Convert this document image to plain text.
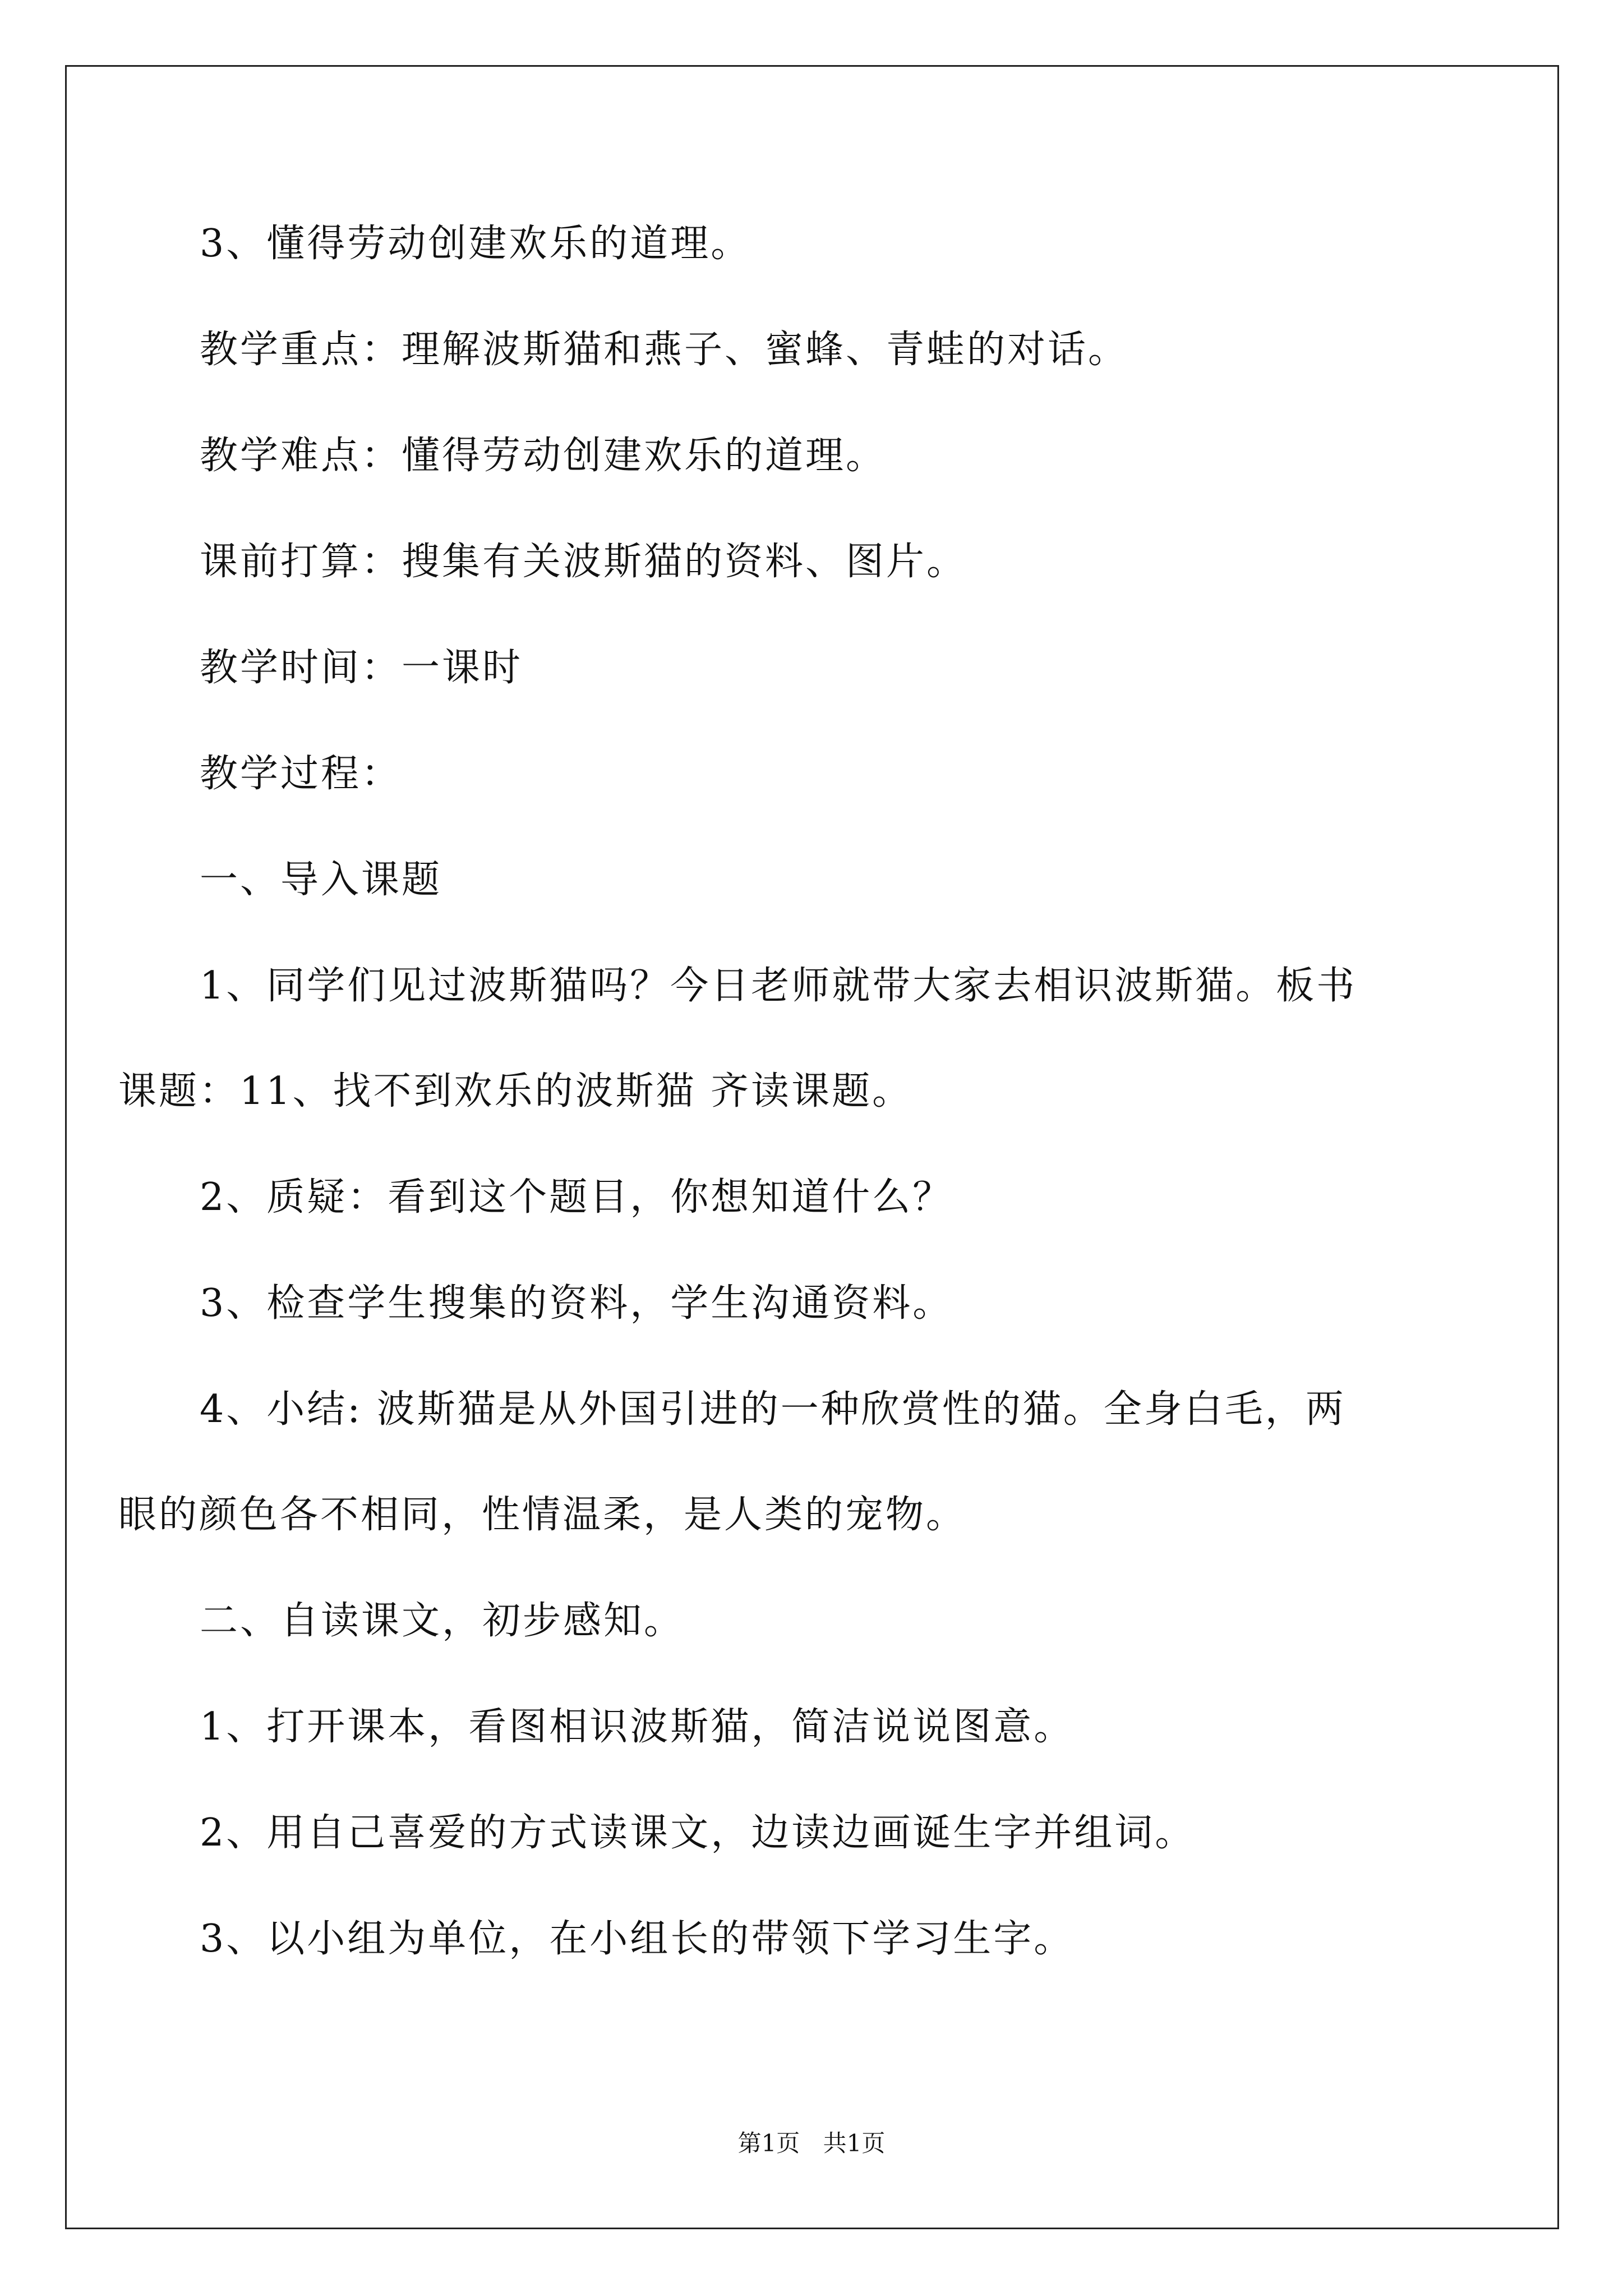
3、懂得劳动创建欢乐的道理。

教学重点：理解波斯猫和燕子、蜜蜂、青蛙的对话。

教学难点：懂得劳动创建欢乐的道理。

课前打算：搜集有关波斯猫的资料、图片。

教学时间：一课时

教学过程：

一、导入课题

1、同学们见过波斯猫吗？今日老师就带大家去相识波斯猫。板书
课题：11、找不到欢乐的波斯猫 齐读课题。

2、质疑：看到这个题目，你想知道什么？

3、检查学生搜集的资料，学生沟通资料。

4、小结: 波斯猫是从外国引进的一种欣赏性的猫。全身白毛，两
眼的颜色各不相同，性情温柔，是人类的宠物。

二、自读课文，初步感知。

1、打开课本，看图相识波斯猫，简洁说说图意。

2、用自己喜爱的方式读课文，边读边画诞生字并组词。

3、以小组为单位，在小组长的带领下学习生字。

第1页 共1页
